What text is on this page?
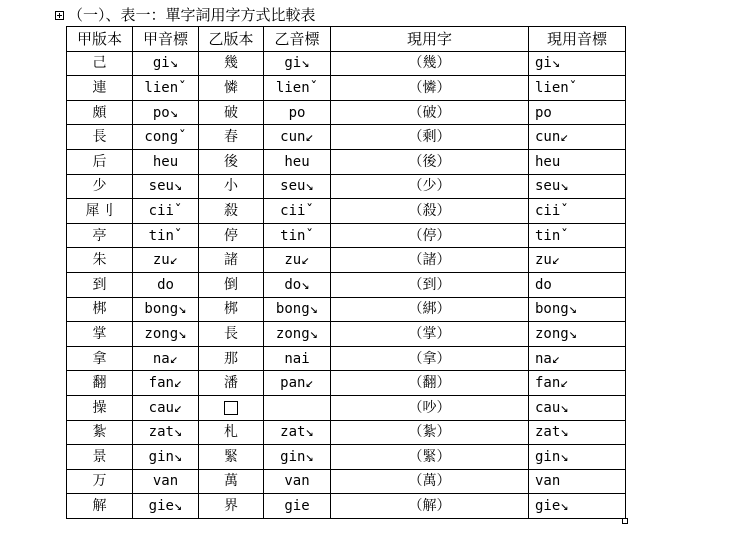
（一）、表一：單字詞用字方式比較表
甲版本	甲音標	乙版本	乙音標	現用字	現用音標
己	gi↘	幾	gi↘	（幾）	gi↘
連	lienˇ	憐	lienˇ	（憐）	lienˇ
頗	po↘	破	po	（破）	po
長	congˇ	春	cun↙	（剩）	cun↙
后	heu	後	heu	（後）	heu
少	seu↘	小	seu↘	（少）	seu↘
犀刂	ciiˇ	殺	ciiˇ	（殺）	ciiˇ
亭	tinˇ	停	tinˇ	（停）	tinˇ
朱	zu↙	諸	zu↙	（諸）	zu↙
到	do	倒	do↘	（到）	do
梆	bong↘	梆	bong↘	（綁）	bong↘
掌	zong↘	長	zong↘	（掌）	zong↘
拿	na↙	那	nai	（拿）	na↙
翻	fan↙	潘	pan↙	（翻）	fan↙
操	cau↙			（吵）	cau↘
紮	zat↘	札	zat↘	（紮）	zat↘
景	gin↘	緊	gin↘	（緊）	gin↘
万	van	萬	van	（萬）	van
解	gie↘	界	gie	（解）	gie↘
